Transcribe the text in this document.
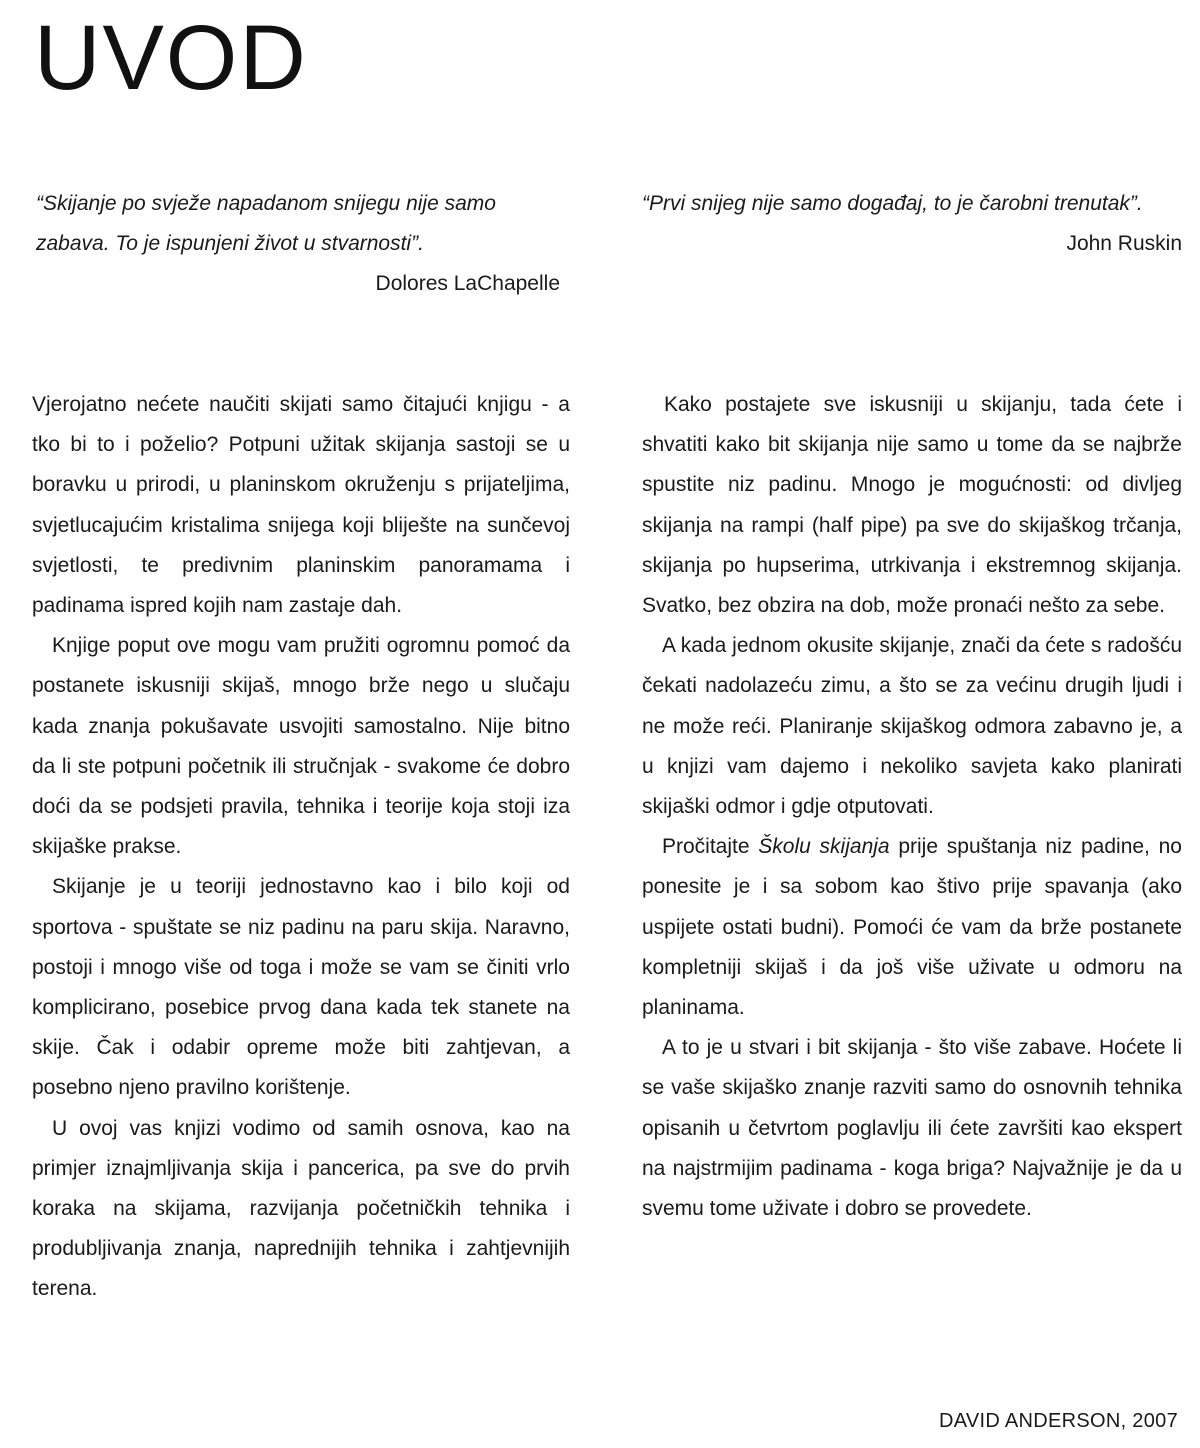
UVOD

“Skijanje po svježe napadanom snijegu nije samo zabava. To je ispunjeni život u stvarnosti”.

Dolores LaChapelle

“Prvi snijeg nije samo događaj, to je čarobni trenutak”.

John Ruskin

Vjerojatno nećete naučiti skijati samo čitajući knjigu - a tko bi to i poželio? Potpuni užitak skijanja sastoji se u boravku u prirodi, u planinskom okruženju s prijateljima, svjetlucajućim kristalima snijega koji bliješte na sunčevoj svjetlosti, te predivnim planinskim panoramama i padinama ispred kojih nam zastaje dah.

Knjige poput ove mogu vam pružiti ogromnu pomoć da postanete iskusniji skijaš, mnogo brže nego u slučaju kada znanja pokušavate usvojiti samostalno. Nije bitno da li ste potpuni početnik ili stručnjak - svakome će dobro doći da se podsjeti pravila, tehnika i teorije koja stoji iza skijaške prakse.

Skijanje je u teoriji jednostavno kao i bilo koji od sportova - spuštate se niz padinu na paru skija. Naravno, postoji i mnogo više od toga i može se vam se činiti vrlo komplicirano, posebice prvog dana kada tek stanete na skije. Čak i odabir opreme može biti zahtjevan, a posebno njeno pravilno korištenje.

U ovoj vas knjizi vodimo od samih osnova, kao na primjer iznajmljivanja skija i pancerica, pa sve do prvih koraka na skijama, razvijanja početničkih tehnika i produbljivanja znanja, naprednijih tehnika i zahtjevnijih terena.

Kako postajete sve iskusniji u skijanju, tada ćete i shvatiti kako bit skijanja nije samo u tome da se najbrže spustite niz padinu. Mnogo je mogućnosti: od divljeg skijanja na rampi (half pipe) pa sve do skijaškog trčanja, skijanja po hupserima, utrkivanja i ekstremnog skijanja. Svatko, bez obzira na dob, može pronaći nešto za sebe.

A kada jednom okusite skijanje, znači da ćete s radošću čekati nadolazeću zimu, a što se za većinu drugih ljudi i ne može reći. Planiranje skijaškog odmora zabavno je, a u knjizi vam dajemo i nekoliko savjeta kako planirati skijaški odmor i gdje otputovati.

Pročitajte Školu skijanja prije spuštanja niz padine, no ponesite je i sa sobom kao štivo prije spavanja (ako uspijete ostati budni). Pomoći će vam da brže postanete kompletniji skijaš i da još više uživate u odmoru na planinama.

A to je u stvari i bit skijanja - što više zabave. Hoćete li se vaše skijaško znanje razviti samo do osnovnih tehnika opisanih u četvrtom poglavlju ili ćete završiti kao ekspert na najstrmijim padinama - koga briga? Najvažnije je da u svemu tome uživate i dobro se provedete.

DAVID ANDERSON, 2007
